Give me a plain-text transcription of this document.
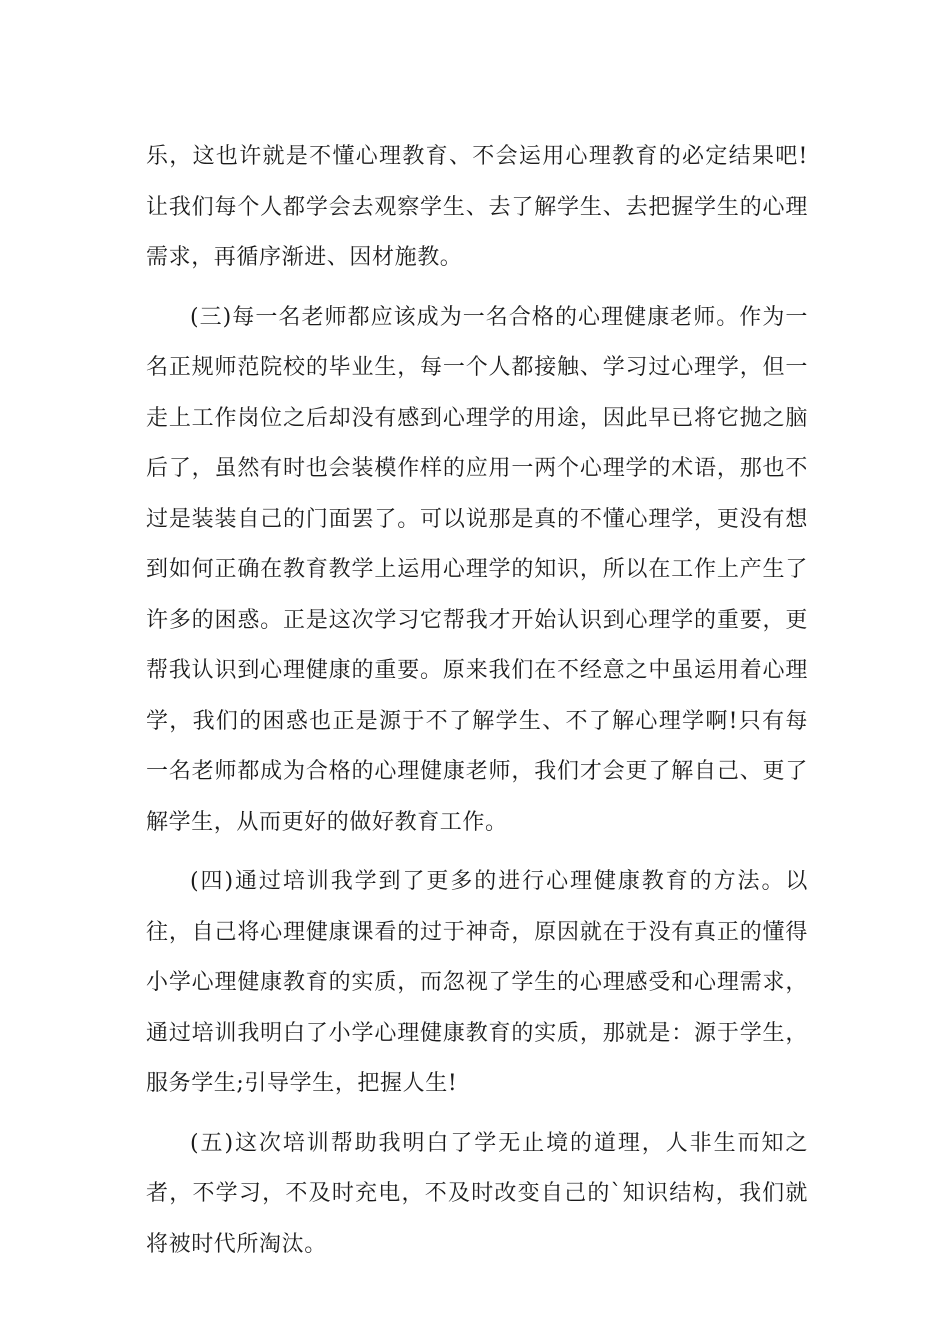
乐，这也许就是不懂心理教育、不会运用心理教育的必定结果吧!让我们每个人都学会去观察学生、去了解学生、去把握学生的心理需求，再循序渐进、因材施教。

(三)每一名老师都应该成为一名合格的心理健康老师。作为一名正规师范院校的毕业生，每一个人都接触、学习过心理学，但一走上工作岗位之后却没有感到心理学的用途，因此早已将它抛之脑后了，虽然有时也会装模作样的应用一两个心理学的术语，那也不过是装装自己的门面罢了。可以说那是真的不懂心理学，更没有想到如何正确在教育教学上运用心理学的知识，所以在工作上产生了许多的困惑。正是这次学习它帮我才开始认识到心理学的重要，更帮我认识到心理健康的重要。原来我们在不经意之中虽运用着心理学，我们的困惑也正是源于不了解学生、不了解心理学啊!只有每一名老师都成为合格的心理健康老师，我们才会更了解自己、更了解学生，从而更好的做好教育工作。

(四)通过培训我学到了更多的进行心理健康教育的方法。以往，自己将心理健康课看的过于神奇，原因就在于没有真正的懂得小学心理健康教育的实质，而忽视了学生的心理感受和心理需求，通过培训我明白了小学心理健康教育的实质，那就是：源于学生，服务学生;引导学生，把握人生!

(五)这次培训帮助我明白了学无止境的道理，人非生而知之者，不学习，不及时充电，不及时改变自己的`知识结构，我们就将被时代所淘汰。
